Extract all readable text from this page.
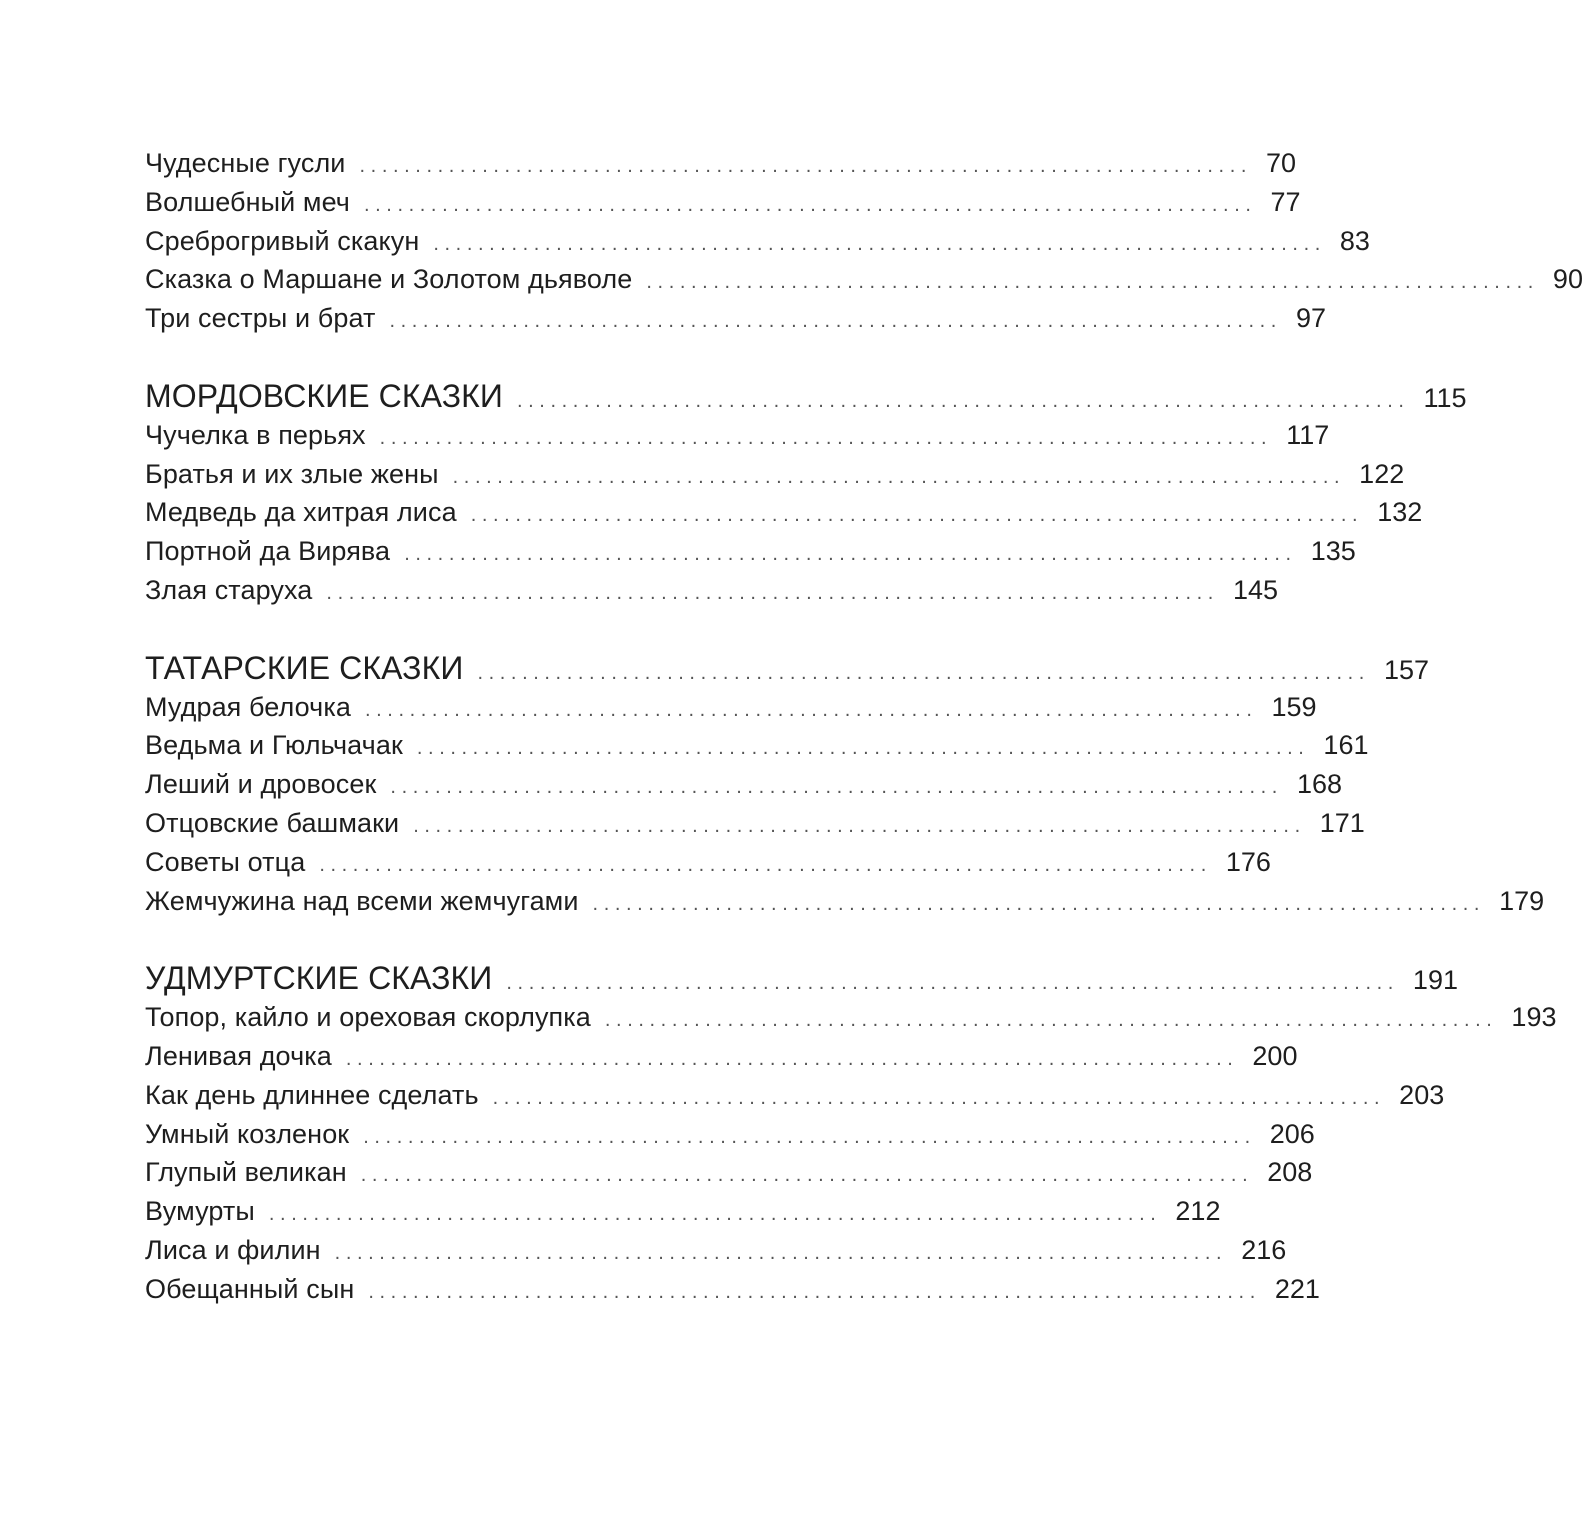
Чудесные гусли ................................................................................ 70
Волшебный меч ................................................................................ 77
Среброгривый скакун ................................................................................ 83
Сказка о Маршане и Золотом дьяволе ................................................................................ 90
Три сестры и брат ................................................................................ 97
МОРДОВСКИЕ СКАЗКИ ................................................................................ 115
Чучелка в перьях ................................................................................ 117
Братья и их злые жены ................................................................................ 122
Медведь да хитрая лиса ................................................................................ 132
Портной да Вирява ................................................................................ 135
Злая старуха ................................................................................ 145
ТАТАРСКИЕ СКАЗКИ ................................................................................ 157
Мудрая белочка ................................................................................ 159
Ведьма и Гюльчачак ................................................................................ 161
Леший и дровосек ................................................................................ 168
Отцовские башмаки ................................................................................ 171
Советы отца ................................................................................ 176
Жемчужина над всеми жемчугами ................................................................................ 179
УДМУРТСКИЕ СКАЗКИ ................................................................................ 191
Топор, кайло и ореховая скорлупка ................................................................................ 193
Ленивая дочка ................................................................................ 200
Как день длиннее сделать ................................................................................ 203
Умный козленок ................................................................................ 206
Глупый великан ................................................................................ 208
Вумурты ................................................................................ 212
Лиса и филин ................................................................................ 216
Обещанный сын ................................................................................ 221
